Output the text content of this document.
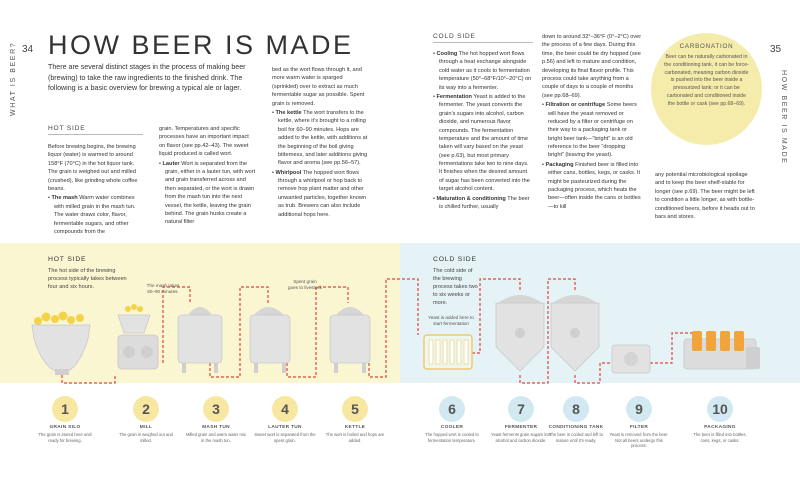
34	35
WHAT IS BEER?	HOW BEER IS MADE
HOW BEER IS MADE
There are several distinct stages in the process of making beer (brewing) to take the raw ingredients to the finished drink. The following is a basic overview for brewing a typical ale or lager.
HOT SIDE
COLD SIDE

Before brewing begins, the brewing liquor (water) is warmed to around 158°F (70°C) in the hot liquor tank. The grain is weighed out and milled (crushed), like grinding whole coffee beans.

• The mash Warm water combines with milled grain in the mash tun. The water draws color, flavor, fermentable sugars, and other compounds from the

grain. Temperatures and specific processes have an important impact on flavor (see pp.42–43). The sweet liquid produced is called wort.

• Lauter Wort is separated from the grain, either in a lauter tun, with wort and grain transferred across and then separated, or the wort is drawn from the mash tun into the next vessel, the kettle, leaving the grain behind. The grain husks create a natural filter

bed as the wort flows through it, and more warm water is sparged (sprinkled) over to extract as much fermentable sugar as possible. Spent grain is removed.

• The kettle The wort transfers to the kettle, where it’s brought to a rolling boil for 60–90 minutes. Hops are added to the kettle, with additions at the beginning of the boil giving bitterness, and later additions giving flavor and aroma (see pp.56–57).

• Whirlpool The hopped wort flows through a whirlpool or hop back to remove hop plant matter and other unwanted particles, together known as trub. Brewers can also include additional hops here.

• Cooling The hot hopped wort flows through a heat exchange alongside cold water as it cools to fermentation temperature (50°–68°F/10°–20°C) on its way into a fermenter.

• Fermentation Yeast is added to the fermenter. The yeast converts the grain’s sugars into alcohol, carbon dioxide, and numerous flavor compounds. The fermentation temperature and the amount of time taken will vary based on the yeast (see p.63), but most primary fermentations take two to nine days. It finishes when the desired amount of sugar has been converted into the target alcohol content.

• Maturation & conditioning The beer is chilled further, usually

down to around 32°–36°F (0°–2°C) over the process of a few days. During this time, the beer could be dry hopped (see p.56) and left to mature and condition, developing its final flavor profile. This process could take anything from a couple of days to a couple of months (see pp.68–69).

• Filtration or centrifuge Some beers will have the yeast removed or reduced by a filter or centrifuge on their way to a packaging tank or bright beer tank—“bright” is an old reference to the beer “dropping bright” (leaving the yeast).

• Packaging Finished beer is filled into either cans, bottles, kegs, or casks. It might be pasteurized during the packaging process, which heats the beer—often inside the cans or bottles—to kill

any potential microbiological spoilage and to keep the beer shelf-stable for longer (see p.69). The beer might be left to condition a little longer, as with bottle-conditioned beers, before it heads out to bars and stores.

CARBONATION
Beer can be naturally carbonated in the conditioning tank, it can be force-carbonated, meaning carbon dioxide is pushed into the beer inside a pressurized tank; or it can be carbonated and conditioned inside the bottle or cask (see pp.68–69).
HOT SIDE
The hot side of the brewing process typically takes between four and six hours.
COLD SIDE
The cold side of the brewing process takes two to six weeks or more.
The mash takes 60–90 minutes.
Spent grain goes to livestock
Yeast is added here to start fermentation
1
GRAIN SILO
The grain is stored here until ready for brewing.
2
MILL
The grain is weighed out and milled.
3
MASH TUN
Milled grain and warm water mix in the mash tun.
4
LAUTER TUN
Sweet wort is separated from the spent grain.
5
KETTLE
The wort is boiled and hops are added.
6
COOLER
The hopped wort is cooled to fermentation temperature.
7
FERMENTER
Yeast ferments grain sugars into alcohol and carbon dioxide.
8
CONDITIONING TANK
The beer is cooled and left to mature until it’s ready.
9
FILTER
Yeast is removed from the beer. Not all beers undergo this process.
10
PACKAGING
The beer is filled into bottles, cans, kegs, or casks.
